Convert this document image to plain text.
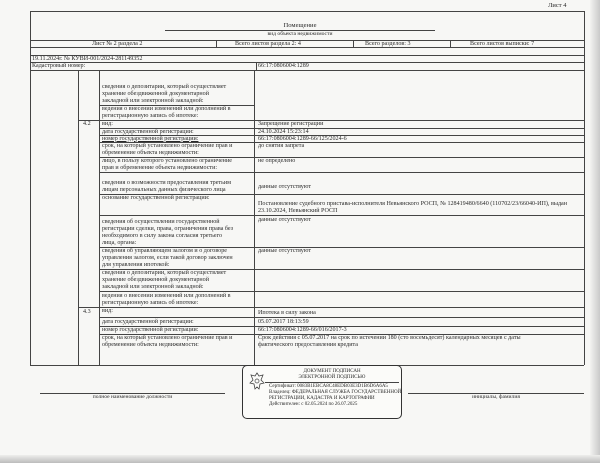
Лист 4
Помещение
вид объекта недвижимости
Лист № 2 раздела 2	Всего листов раздела 2: 4	Всего разделов: 3	Всего листов выписки: 7
19.11.2024г. № КУВИ-001/2024-281149352
Кадастровый номер:	66:17:0806004:1289
сведения о депозитарии, который осуществляет
хранение обездвиженной документарной
закладной или электронной закладной:
ведения о внесении изменений или дополнений в
регистрационную запись об ипотеке:
4.2 вид:	Запрещение регистрации
дата государственной регистрации:	24.10.2024 15:23:14
номер государственной регистрации:	66:17:0806004:1289-66/125/2024-6
срок, на который установлено ограничение прав и
обременение объекта недвижимости:
до снятия запрета
лицо, в пользу которого установлено ограничение
прав и обременение объекта недвижимости:
не определено
сведения о возможности предоставления третьим
лицам персональных данных физического лица	данные отсутствуют
основание государственной регистрации:
Постановление судебного пристава-исполнителя Невьянского РОСП, № 128419480/6640 (110702/23/66040-ИП), выдан 23.10.2024, Невьянский РОСП
сведения об осуществлении государственной
регистрации сделки, права, ограничения права без
необходимого в силу закона согласия третьего
лица, органа:
данные отсутствуют
сведения об управляющем залогом и о договоре
управления залогом, если такой договор заключен
для управления ипотекой:
данные отсутствуют
сведения о депозитарии, который осуществляет
хранение обездвиженной документарной
закладной или электронной закладной:
ведения о внесении изменений или дополнений в
регистрационную запись об ипотеке:
4.3 вид:	Ипотека в силу закона
дата государственной регистрации:	05.07.2017 18:13:59
номер государственной регистрации:	66:17:0806004:1289-66/016/2017-3
срок, на который установлено ограничение прав и
обременение объекта недвижимости:
Срок действия с 05.07.2017 на срок по истечении 180 (сто восемьдесят) календарных месяцев с даты
фактического предоставления кредита
ДОКУМЕНТ ПОДПИСАН
ЭЛЕКТРОННОЙ ПОДПИСЬЮ
Сертификат: 0083B1EBCA8C48EDB03E3D1B6D6A6A5
Владелец: ФЕДЕРАЛЬНАЯ СЛУЖБА ГОСУДАРСТВЕННОЙ
РЕГИСТРАЦИИ, КАДАСТРА И КАРТОГРАФИИ
Действителен: с 02.05.2024 по 26.07.2025
полное наименование должности	инициалы, фамилия
